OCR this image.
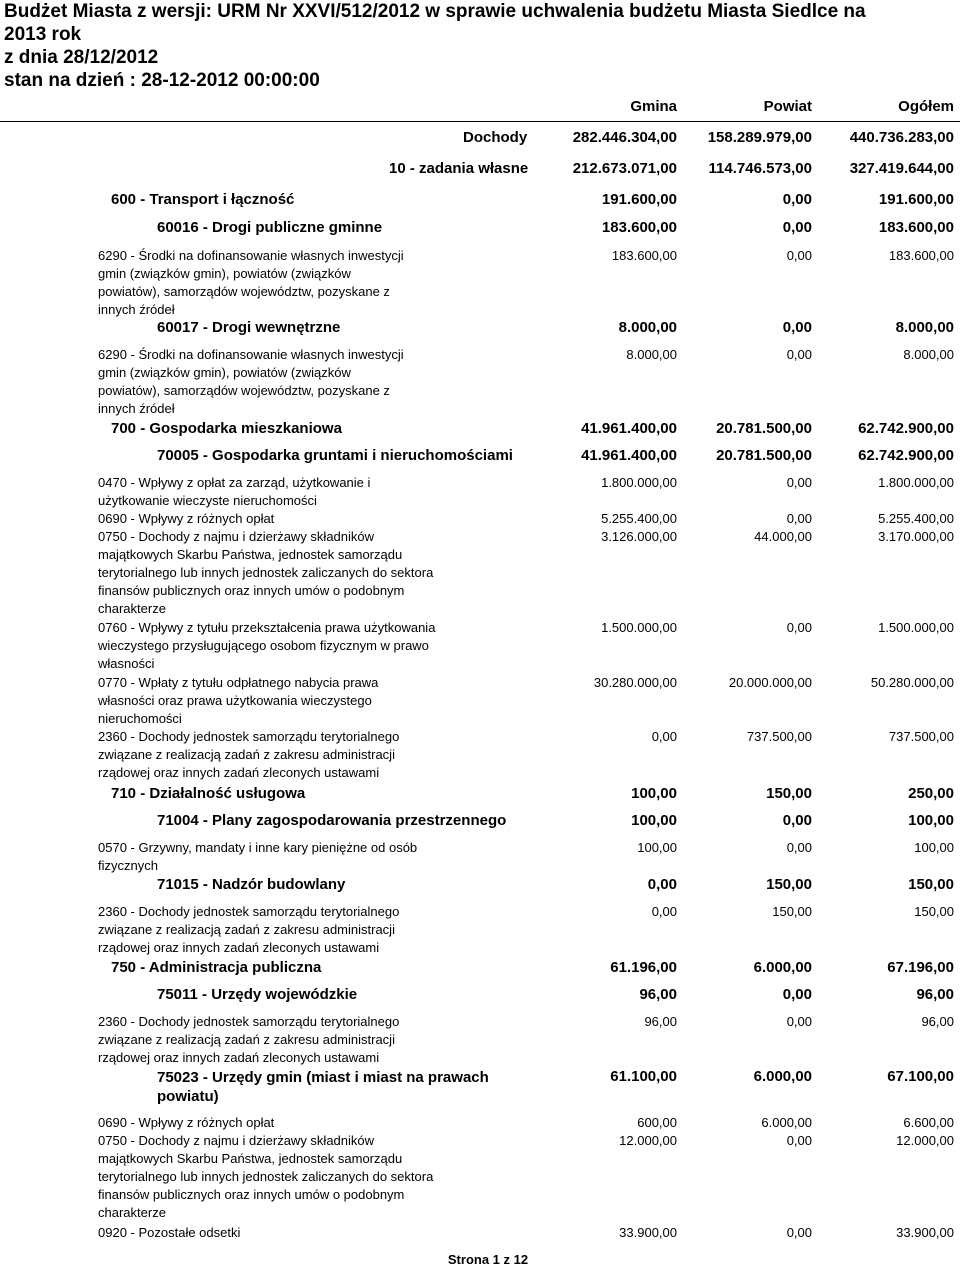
Budżet Miasta z wersji: URM Nr XXVI/512/2012 w sprawie uchwalenia budżetu Miasta Siedlce na
2013 rok
z dnia 28/12/2012
stan na dzień : 28-12-2012 00:00:00
Gmina	Powiat	Ogółem
Dochody	282.446.304,00 158.289.979,00	440.736.283,00
10 - zadania własne	212.673.071,00 114.746.573,00	327.419.644,00
600 - Transport i łączność	191.600,00	0,00	191.600,00
60016 - Drogi publiczne gminne	183.600,00	0,00	183.600,00
6290 - Środki na dofinansowanie własnych inwestycji gmin (związków gmin), powiatów (związków powiatów), samorządów województw, pozyskane z innych źródeł
183.600,00	0,00	183.600,00
60017 - Drogi wewnętrzne	8.000,00	0,00	8.000,00
6290 - Środki na dofinansowanie własnych inwestycji gmin (związków gmin), powiatów (związków powiatów), samorządów województw, pozyskane z innych źródeł
8.000,00	0,00	8.000,00
700 - Gospodarka mieszkaniowa	41.961.400,00	20.781.500,00	62.742.900,00
70005 - Gospodarka gruntami i nieruchomościami	41.961.400,00	20.781.500,00	62.742.900,00
0470 - Wpływy z opłat za zarząd, użytkowanie i użytkowanie wieczyste nieruchomości
1.800.000,00	0,00	1.800.000,00
0690 - Wpływy z różnych opłat	5.255.400,00	0,00	5.255.400,00
0750 - Dochody z najmu i dzierżawy składników majątkowych Skarbu Państwa, jednostek samorządu terytorialnego lub innych jednostek zaliczanych do sektora finansów publicznych oraz innych umów o podobnym charakterze
3.126.000,00	44.000,00	3.170.000,00
0760 - Wpływy z tytułu przekształcenia prawa użytkowania wieczystego przysługującego osobom fizycznym w prawo własności
1.500.000,00	0,00	1.500.000,00
0770 - Wpłaty z tytułu odpłatnego nabycia prawa własności oraz prawa użytkowania wieczystego nieruchomości
30.280.000,00	20.000.000,00	50.280.000,00
2360 - Dochody jednostek samorządu terytorialnego związane z realizacją zadań z zakresu administracji rządowej oraz innych zadań zleconych ustawami
0,00	737.500,00	737.500,00
710 - Działalność usługowa	100,00	150,00	250,00
71004 - Plany zagospodarowania przestrzennego	100,00	0,00	100,00
0570 - Grzywny, mandaty i inne kary pieniężne od osób fizycznych
100,00	0,00	100,00
71015 - Nadzór budowlany	0,00	150,00	150,00
2360 - Dochody jednostek samorządu terytorialnego związane z realizacją zadań z zakresu administracji rządowej oraz innych zadań zleconych ustawami
0,00	150,00	150,00
750 - Administracja publiczna	61.196,00	6.000,00	67.196,00
75011 - Urzędy wojewódzkie	96,00	0,00	96,00
2360 - Dochody jednostek samorządu terytorialnego związane z realizacją zadań z zakresu administracji rządowej oraz innych zadań zleconych ustawami
96,00	0,00	96,00
75023 - Urzędy gmin (miast i miast na prawach powiatu)
61.100,00	6.000,00	67.100,00
0690 - Wpływy z różnych opłat	600,00	6.000,00	6.600,00
0750 - Dochody z najmu i dzierżawy składników majątkowych Skarbu Państwa, jednostek samorządu terytorialnego lub innych jednostek zaliczanych do sektora finansów publicznych oraz innych umów o podobnym charakterze
12.000,00	0,00	12.000,00
0920 - Pozostałe odsetki	33.900,00	0,00	33.900,00
Strona 1 z 12
